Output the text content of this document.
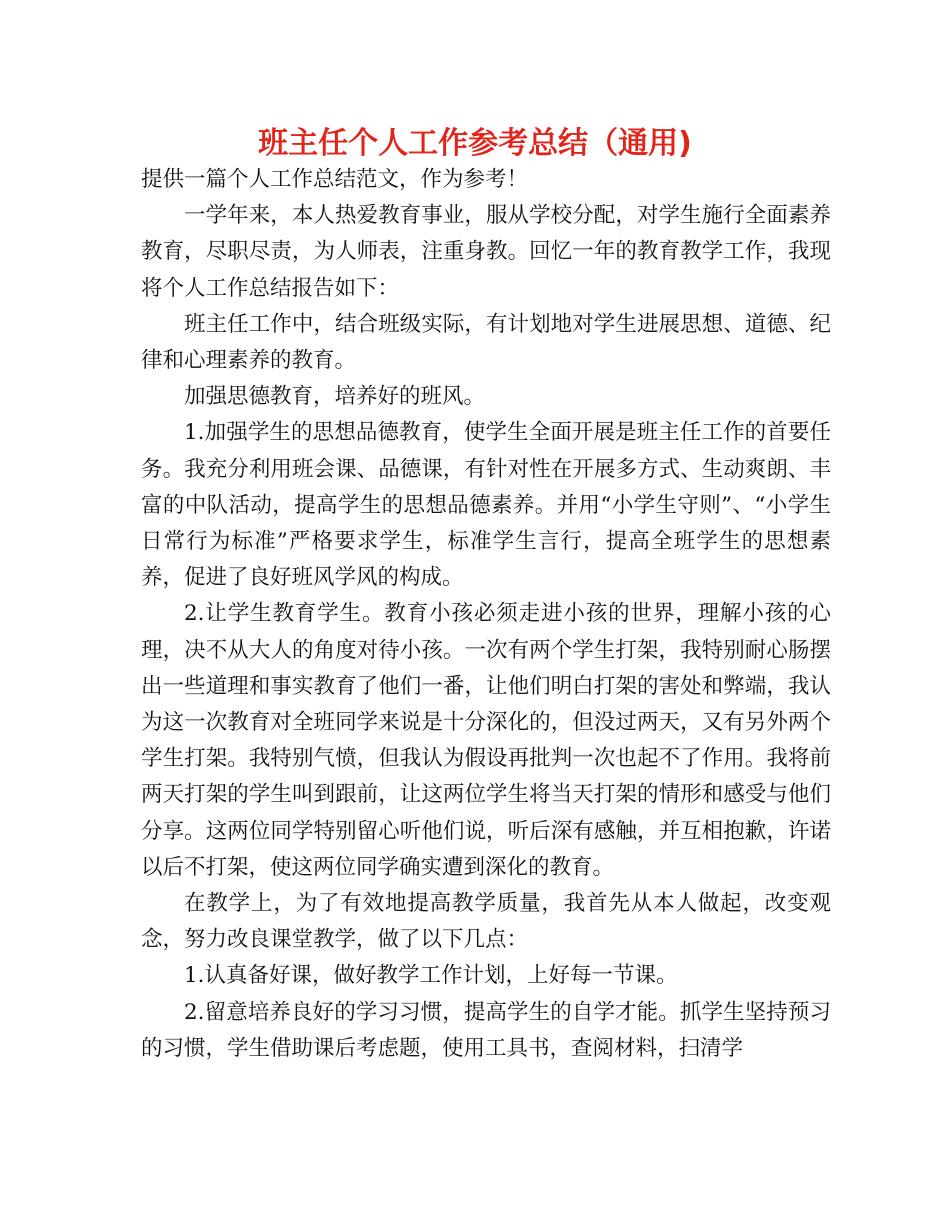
班主任个人工作参考总结（通用)

提供一篇个人工作总结范文，作为参考！

一学年来，本人热爱教育事业，服从学校分配，对学生施行全面素养教育，尽职尽责，为人师表，注重身教。回忆一年的教育教学工作，我现将个人工作总结报告如下：

班主任工作中，结合班级实际，有计划地对学生进展思想、道德、纪律和心理素养的教育。

加强思德教育，培养好的班风。

1.加强学生的思想品德教育，使学生全面开展是班主任工作的首要任务。我充分利用班会课、品德课，有针对性在开展多方式、生动爽朗、丰富的中队活动，提高学生的思想品德素养。并用“小学生守则”、“小学生日常行为标准”严格要求学生，标准学生言行，提高全班学生的思想素养，促进了良好班风学风的构成。

2.让学生教育学生。教育小孩必须走进小孩的世界，理解小孩的心理，决不从大人的角度对待小孩。一次有两个学生打架，我特别耐心肠摆出一些道理和事实教育了他们一番，让他们明白打架的害处和弊端，我认为这一次教育对全班同学来说是十分深化的，但没过两天，又有另外两个学生打架。我特别气愤，但我认为假设再批判一次也起不了作用。我将前两天打架的学生叫到跟前，让这两位学生将当天打架的情形和感受与他们分享。这两位同学特别留心听他们说，听后深有感触，并互相抱歉，许诺以后不打架，使这两位同学确实遭到深化的教育。

在教学上，为了有效地提高教学质量，我首先从本人做起，改变观念，努力改良课堂教学，做了以下几点：

1.认真备好课，做好教学工作计划，上好每一节课。

2.留意培养良好的学习习惯，提高学生的自学才能。抓学生坚持预习的习惯，学生借助课后考虑题，使用工具书，查阅材料，扫清学
